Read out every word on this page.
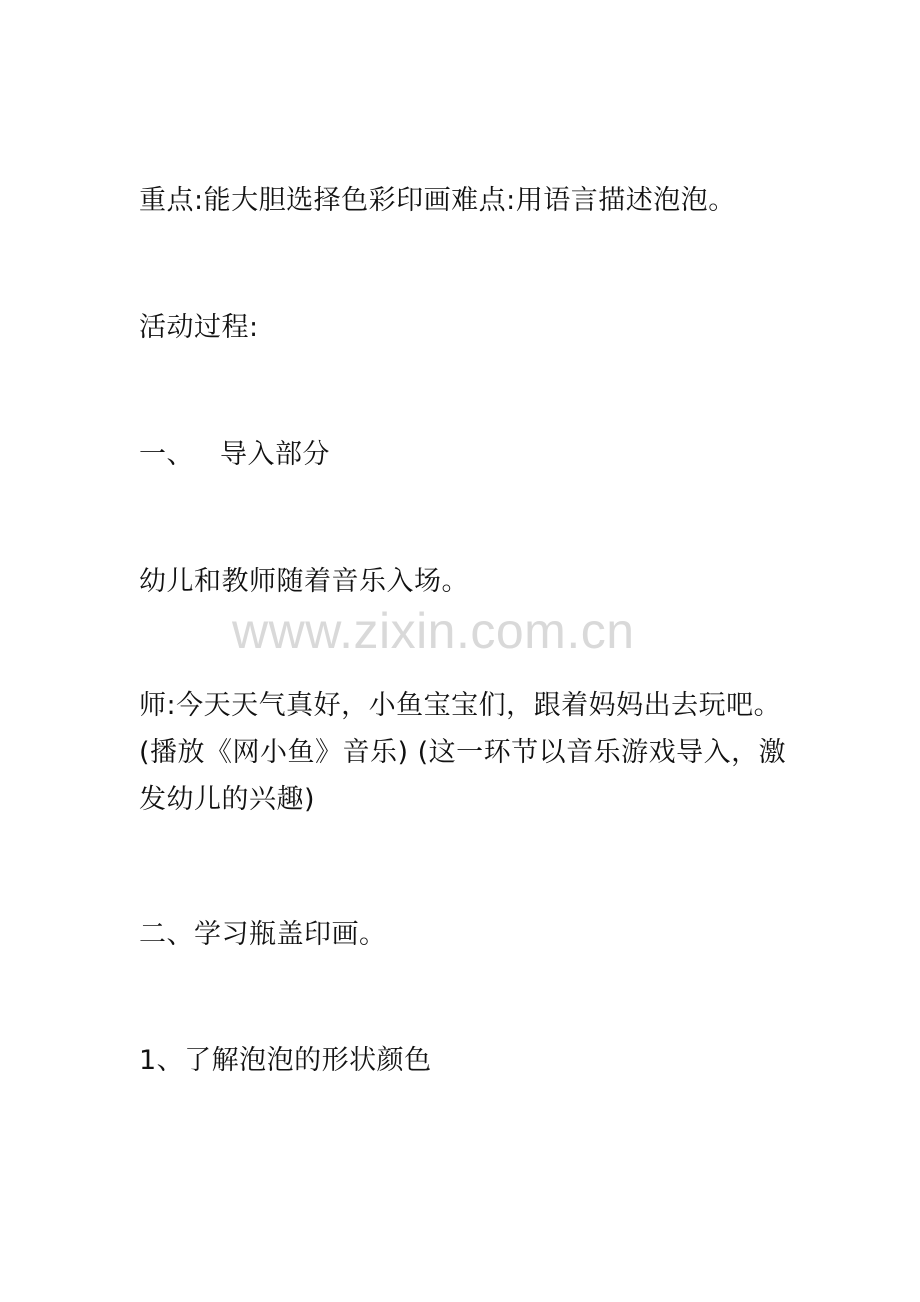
重点:能大胆选择色彩印画难点:用语言描述泡泡。
活动过程:
一、 导入部分
幼儿和教师随着音乐入场。
www.zixin.com.cn
师:今天天气真好，小鱼宝宝们，跟着妈妈出去玩吧。
(播放《网小鱼》音乐) (这一环节以音乐游戏导入，激
发幼儿的兴趣)
二、学习瓶盖印画。
1、了解泡泡的形状颜色
